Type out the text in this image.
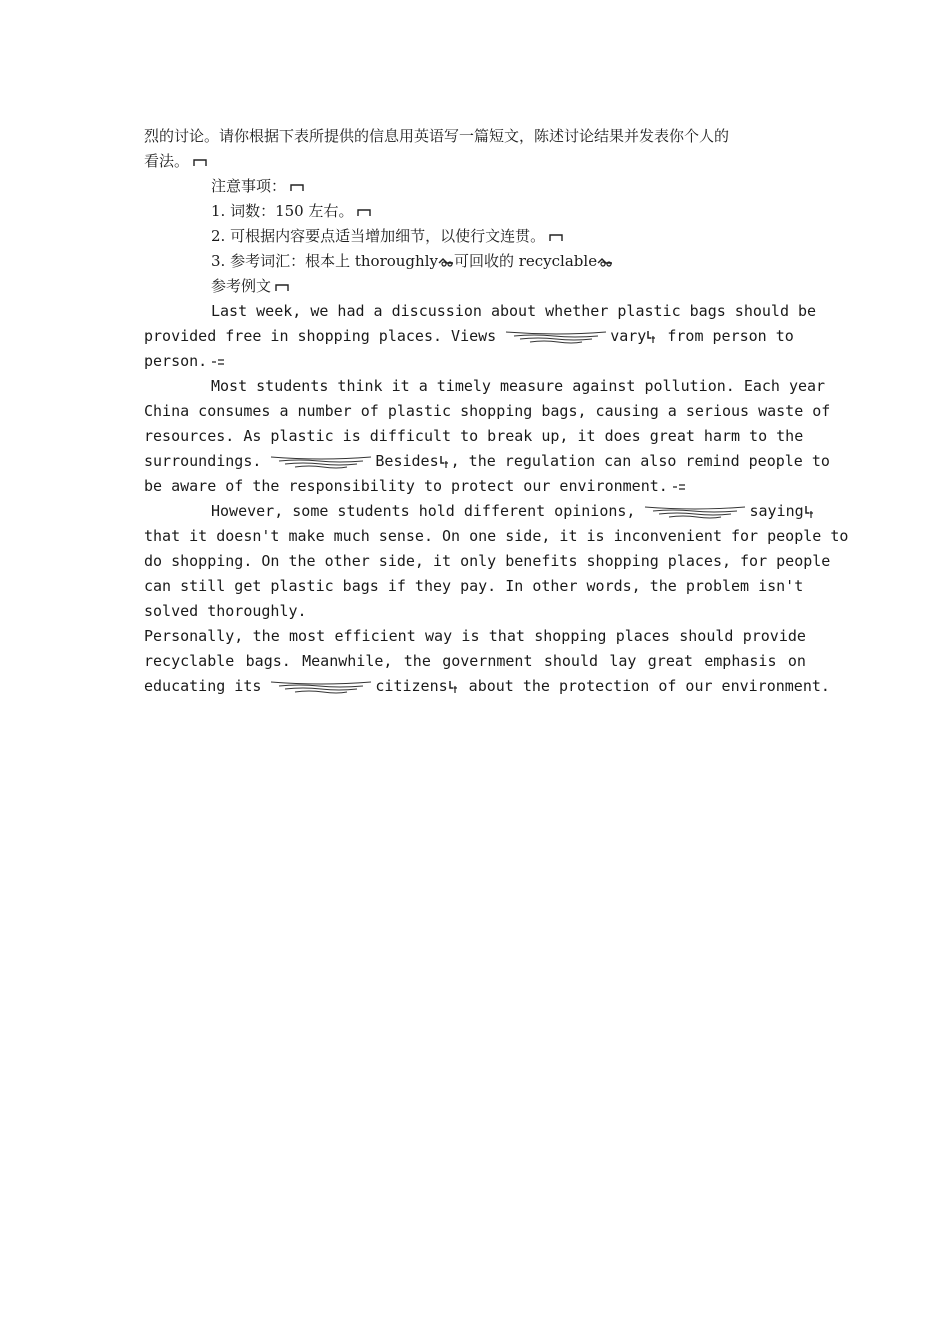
烈的讨论。请你根据下表所提供的信息用英语写一篇短文，陈述讨论结果并发表你个人的
看法。
注意事项：
1. 词数：150 左右。
2. 可根据内容要点适当增加细节，以使行文连贯。
3. 参考词汇：根本上 thoroughly 可回收的 recyclable
参考例文
Last week, we had a discussion about whether plastic bags should be
provided free in shopping places. Views	vary from person to
person.
Most students think it a timely measure against pollution. Each year
China consumes a number of plastic shopping bags, causing a serious waste of
resources. As plastic is difficult to break up, it does great harm to the
surroundings.	Besides , the regulation can also remind people to
be aware of the responsibility to protect our environment.
However, some students hold different opinions,	saying
that it doesn't make much sense. On one side, it is inconvenient for people to
do shopping. On the other side, it only benefits shopping places, for people
can still get plastic bags if they pay. In other words, the problem isn't
solved thoroughly.
Personally, the most efficient way is that shopping places should provide
recyclable bags. Meanwhile, the government should lay great emphasis on
educating its	citizens about the protection of our environment.
